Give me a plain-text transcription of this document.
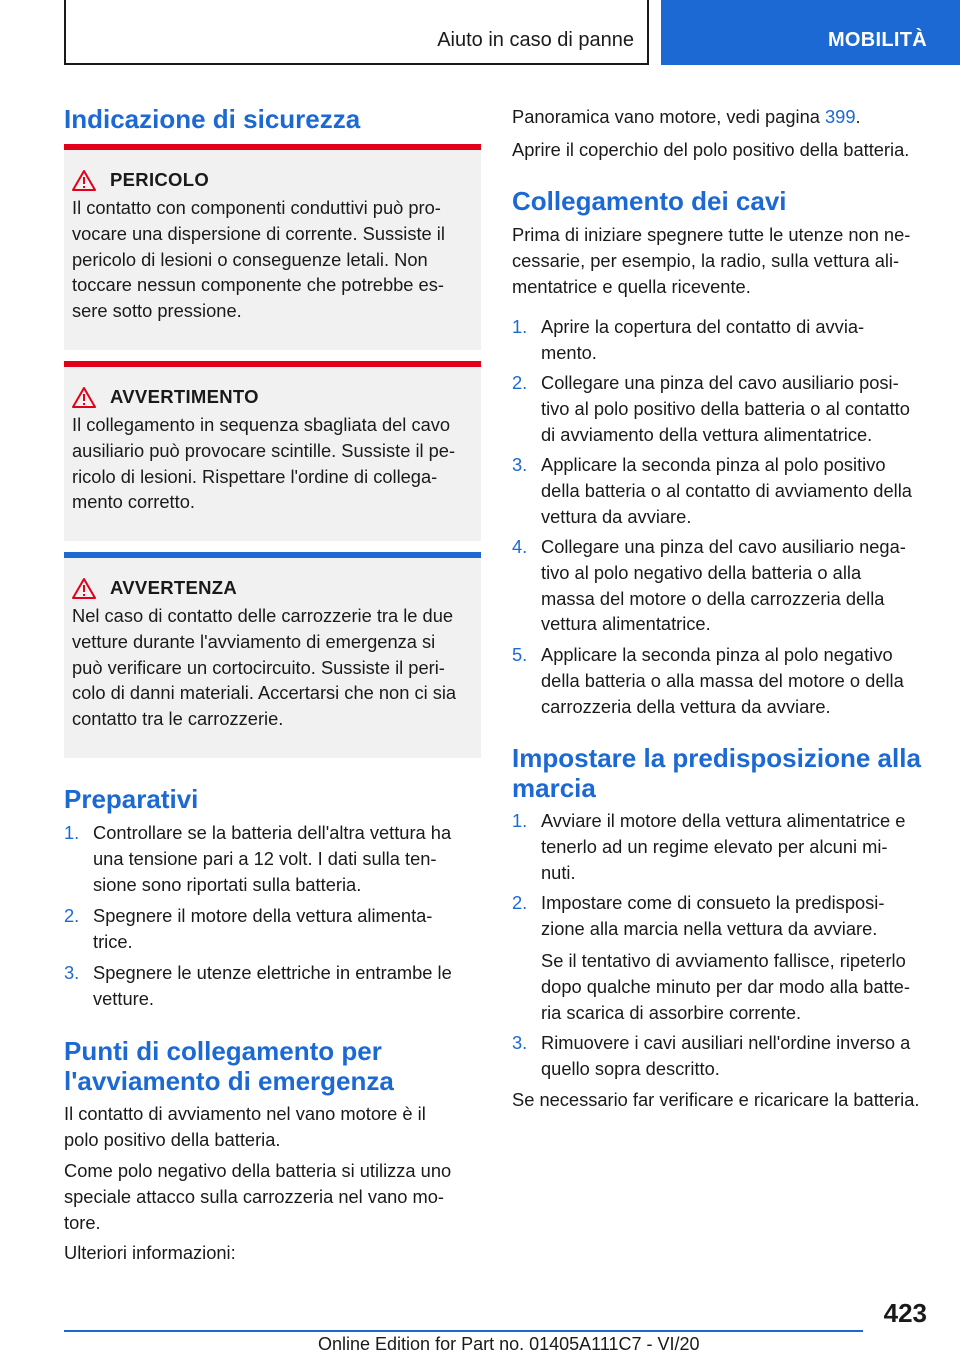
Aiuto in caso di panne	MOBILITÀ
Indicazione di sicurezza
PERICOLO
Il contatto con componenti conduttivi può pro-
vocare una dispersione di corrente. Sussiste il
pericolo di lesioni o conseguenze letali. Non
toccare nessun componente che potrebbe es-
sere sotto pressione.
AVVERTIMENTO
Il collegamento in sequenza sbagliata del cavo
ausiliario può provocare scintille. Sussiste il pe-
ricolo di lesioni. Rispettare l'ordine di collega-
mento corretto.
AVVERTENZA
Nel caso di contatto delle carrozzerie tra le due
vetture durante l'avviamento di emergenza si
può verificare un cortocircuito. Sussiste il peri-
colo di danni materiali. Accertarsi che non ci sia
contatto tra le carrozzerie.
Preparativi
1. Controllare se la batteria dell'altra vettura ha
una tensione pari a 12 volt. I dati sulla ten-
sione sono riportati sulla batteria.
2. Spegnere il motore della vettura alimenta-
trice.
3. Spegnere le utenze elettriche in entrambe le
vetture.
Punti di collegamento per
l'avviamento di emergenza

Il contatto di avviamento nel vano motore è il
polo positivo della batteria.

Come polo negativo della batteria si utilizza uno
speciale attacco sulla carrozzeria nel vano mo-
tore.

Ulteriori informazioni:

Panoramica vano motore, vedi pagina 399.

Aprire il coperchio del polo positivo della batteria.

Collegamento dei cavi

Prima di iniziare spegnere tutte le utenze non ne-
cessarie, per esempio, la radio, sulla vettura ali-
mentatrice e quella ricevente.

1. Aprire la copertura del contatto di avvia-
mento.
2. Collegare una pinza del cavo ausiliario posi-
tivo al polo positivo della batteria o al contatto
di avviamento della vettura alimentatrice.
3. Applicare la seconda pinza al polo positivo
della batteria o al contatto di avviamento della
vettura da avviare.
4. Collegare una pinza del cavo ausiliario nega-
tivo al polo negativo della batteria o alla
massa del motore o della carrozzeria della
vettura alimentatrice.
5. Applicare la seconda pinza al polo negativo
della batteria o alla massa del motore o della
carrozzeria della vettura da avviare.
Impostare la predisposizione alla
marcia
1. Avviare il motore della vettura alimentatrice e
tenerlo ad un regime elevato per alcuni mi-
nuti.
2. Impostare come di consueto la predisposi-
zione alla marcia nella vettura da avviare.
Se il tentativo di avviamento fallisce, ripeterlo
dopo qualche minuto per dar modo alla batte-
ria scarica di assorbire corrente.
3. Rimuovere i cavi ausiliari nell'ordine inverso a
quello sopra descritto.

Se necessario far verificare e ricaricare la batteria.

423
Online Edition for Part no. 01405A111C7 - VI/20
